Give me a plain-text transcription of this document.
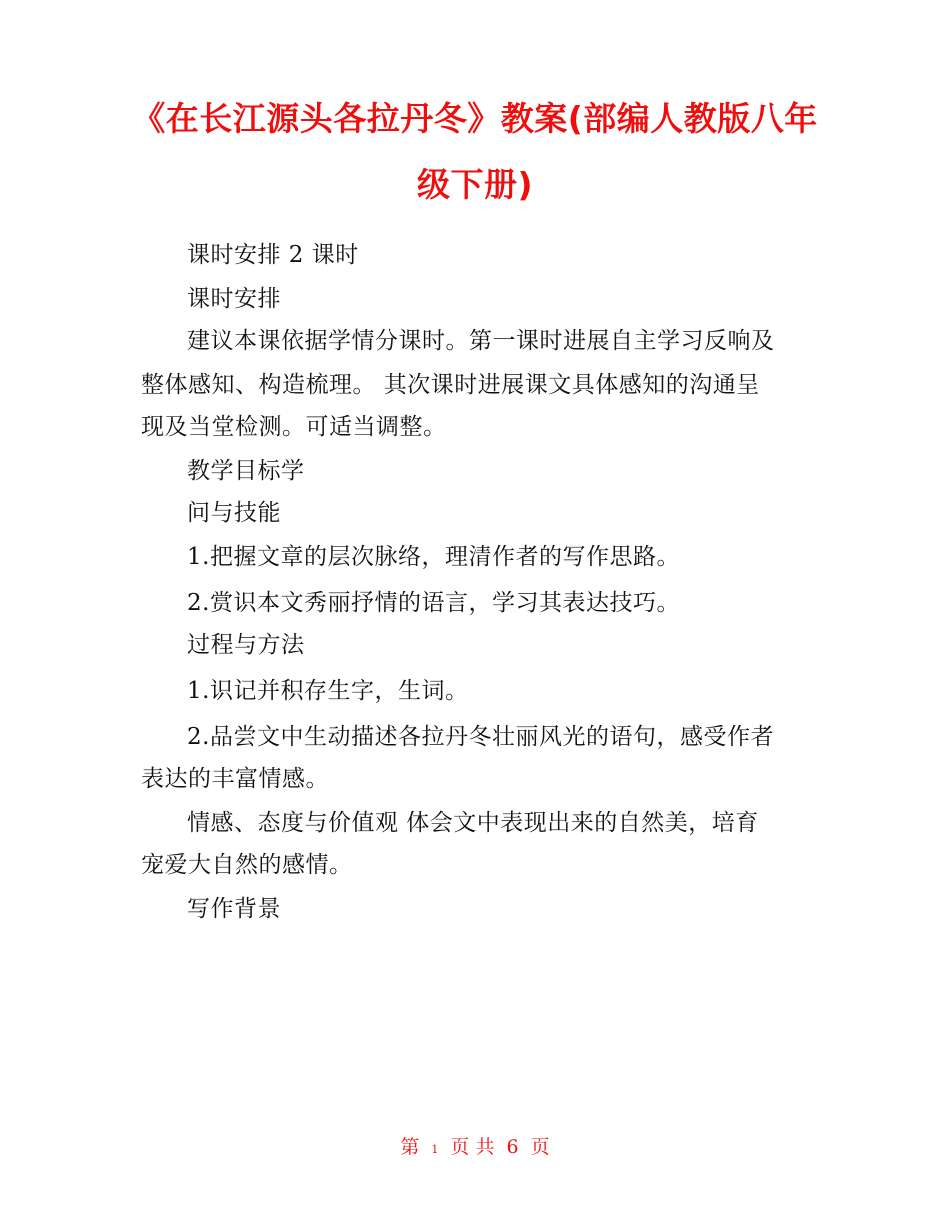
《在长江源头各拉丹冬》教案(部编人教版八年
级下册)
课时安排 2 课时
课时安排
建议本课依据学情分课时。第一课时进展自主学习反响及
整体感知、构造梳理。 其次课时进展课文具体感知的沟通呈
现及当堂检测。可适当调整。
教学目标学
问与技能
1.把握文章的层次脉络，理清作者的写作思路。
2.赏识本文秀丽抒情的语言，学习其表达技巧。
过程与方法
1.识记并积存生字，生词。
2.品尝文中生动描述各拉丹冬壮丽风光的语句，感受作者
表达的丰富情感。
情感、态度与价值观 体会文中表现出来的自然美，培育
宠爱大自然的感情。
写作背景
第 1 页 共 6 页
